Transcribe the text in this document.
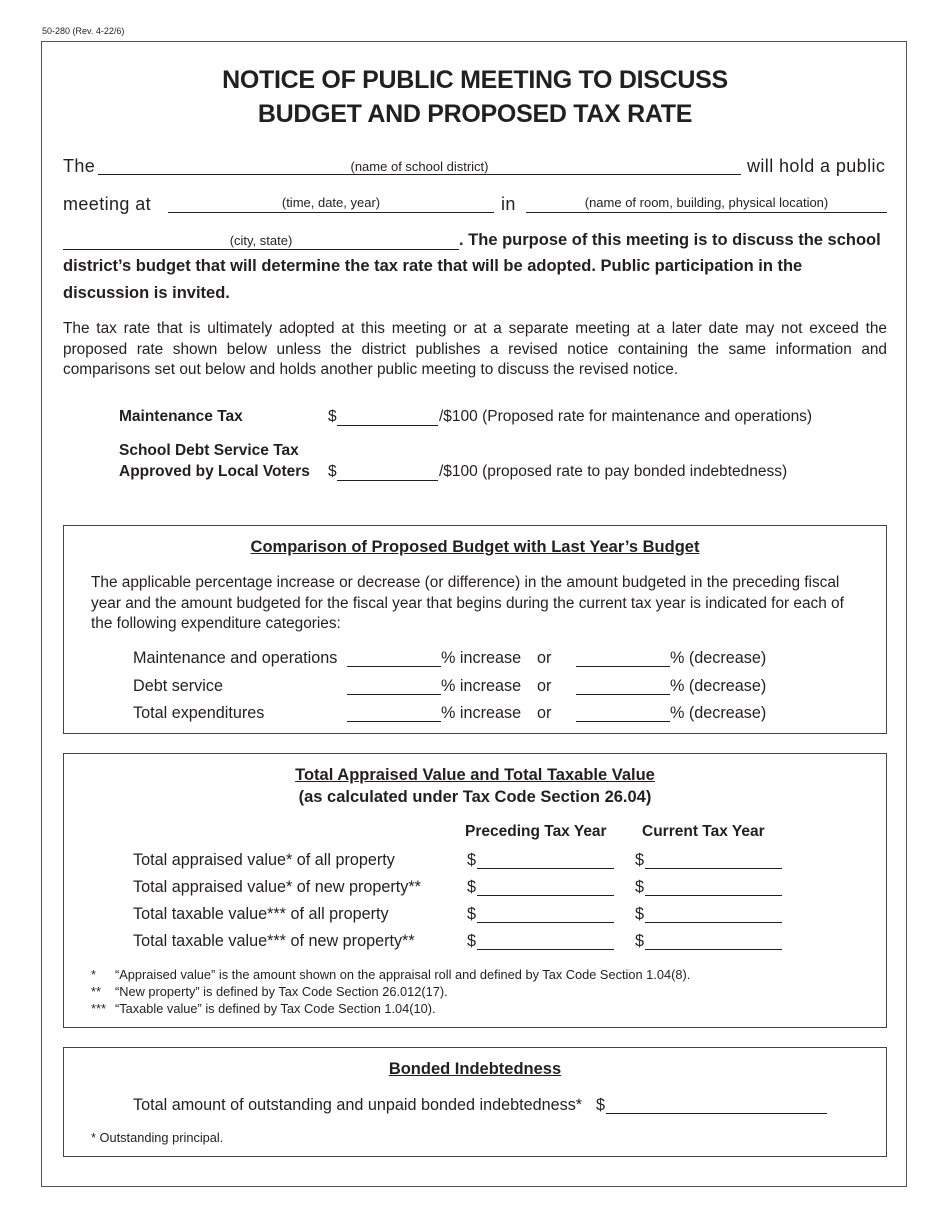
50-280 (Rev. 4-22/6)
NOTICE OF PUBLIC MEETING TO DISCUSS
BUDGET AND PROPOSED TAX RATE
The	(name of school district)	will hold a public
meeting at	(time, date, year)	in	(name of room, building, physical location)
(city, state)	. The purpose of this meeting is to discuss the school
district’s budget that will determine the tax rate that will be adopted. Public participation in the
discussion is invited.
The tax rate that is ultimately adopted at this meeting or at a separate meeting at a later date may not exceed the proposed rate shown below unless the district publishes a revised notice containing the same information and comparisons set out below and holds another public meeting to discuss the revised notice.
Maintenance Tax	$	/$100 (Proposed rate for maintenance and operations)
School Debt Service Tax
Approved by Local Voters $	/$100 (proposed rate to pay bonded indebtedness)
Comparison of Proposed Budget with Last Year’s Budget
The applicable percentage increase or decrease (or difference) in the amount budgeted in the preceding fiscal year and the amount budgeted for the fiscal year that begins during the current tax year is indicated for each of the following expenditure categories:
Maintenance and operations	% increase or	% (decrease)
Debt service	% increase or	% (decrease)
Total expenditures	% increase or	% (decrease)
Total Appraised Value and Total Taxable Value
(as calculated under Tax Code Section 26.04)
Preceding Tax Year Current Tax Year
Total appraised value* of all property	$	$
Total appraised value* of new property**	$	$
Total taxable value*** of all property	$	$
Total taxable value*** of new property**	$	$
* “Appraised value” is the amount shown on the appraisal roll and defined by Tax Code Section 1.04(8).
** “New property” is defined by Tax Code Section 26.012(17).
*** “Taxable value” is defined by Tax Code Section 1.04(10).
Bonded Indebtedness
Total amount of outstanding and unpaid bonded indebtedness* $
* Outstanding principal.
